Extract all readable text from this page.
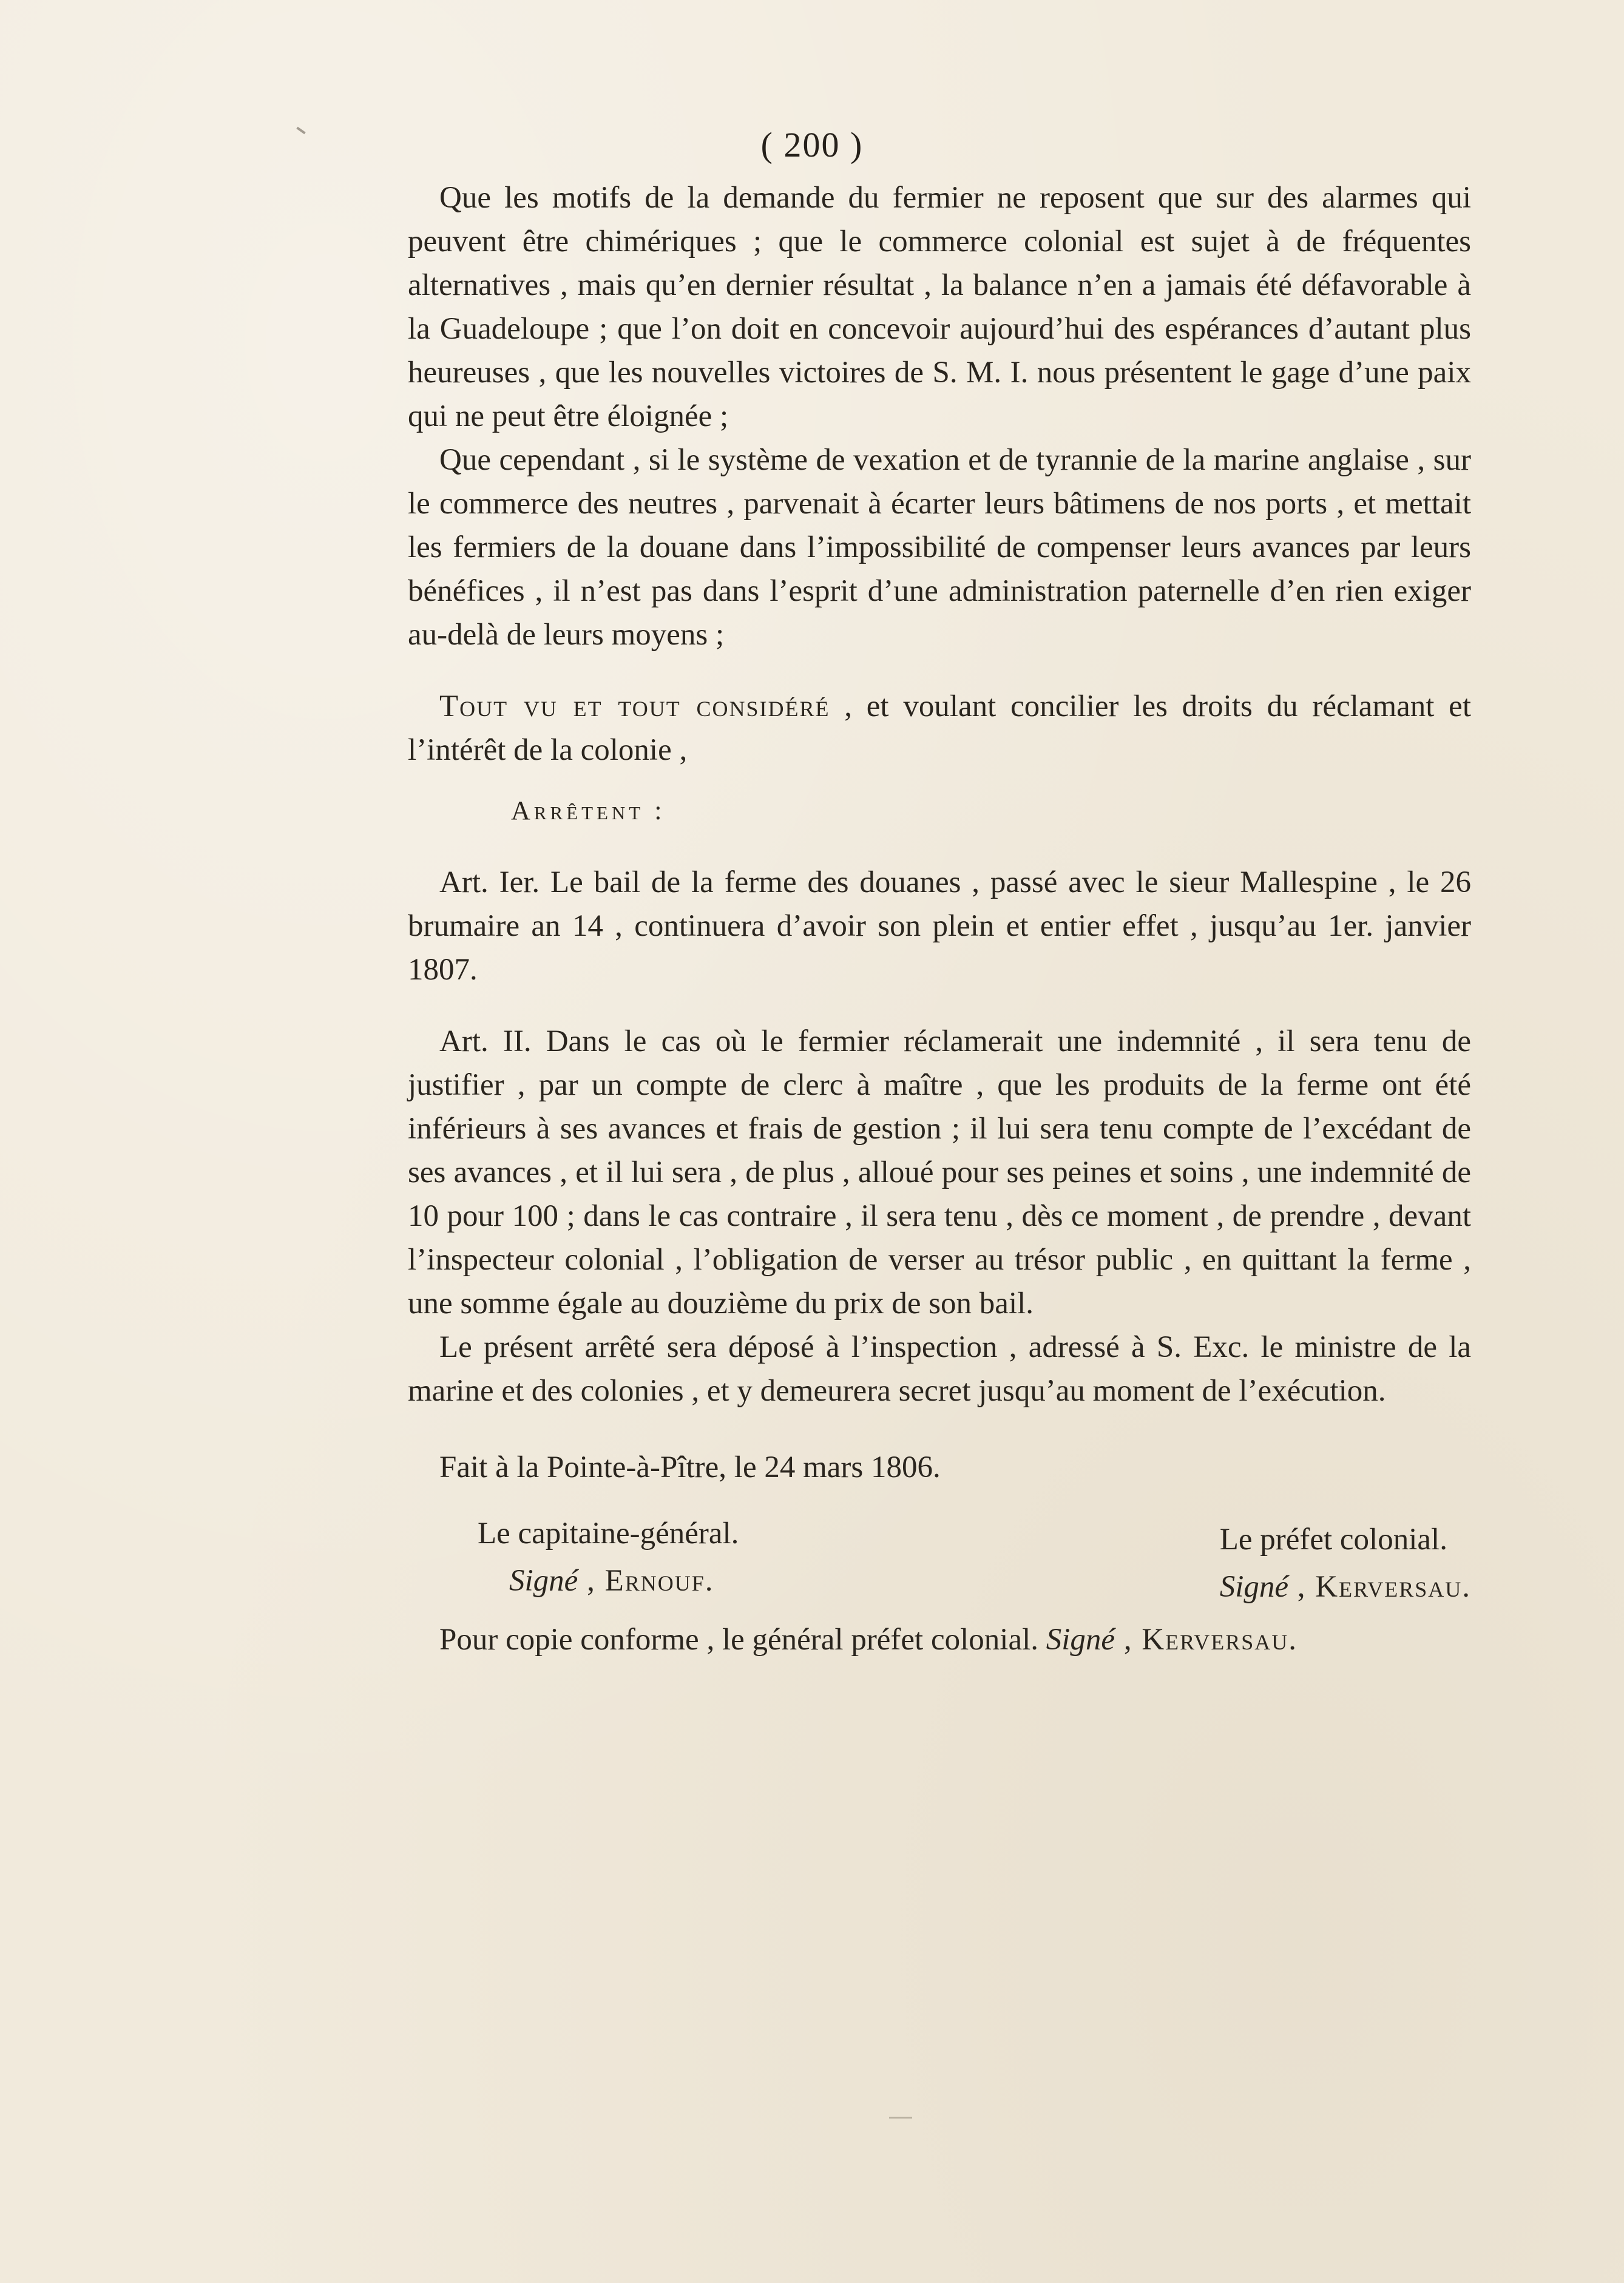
( 200 )

Que les motifs de la demande du fermier ne reposent que sur des alarmes qui peuvent être chimériques ; que le commerce colonial est sujet à de fréquentes alternatives , mais qu’en dernier résultat , la balance n’en a jamais été défavorable à la Guadeloupe ; que l’on doit en concevoir aujourd’hui des espérances d’autant plus heureuses , que les nouvelles victoires de S. M. I. nous présentent le gage d’une paix qui ne peut être éloignée ;

Que cependant , si le système de vexation et de tyrannie de la marine anglaise , sur le commerce des neutres , parvenait à écarter leurs bâtimens de nos ports , et mettait les fermiers de la douane dans l’impossibilité de compenser leurs avances par leurs bénéfices , il n’est pas dans l’esprit d’une administration paternelle d’en rien exiger au-delà de leurs moyens ;

Tout vu et tout considéré , et voulant concilier les droits du réclamant et l’intérêt de la colonie ,

Arrêtent :

Art. Ier. Le bail de la ferme des douanes , passé avec le sieur Mallespine , le 26 brumaire an 14 , continuera d’avoir son plein et entier effet , jusqu’au 1er. janvier 1807.

Art. II. Dans le cas où le fermier réclamerait une indemnité , il sera tenu de justifier , par un compte de clerc à maître , que les produits de la ferme ont été inférieurs à ses avances et frais de gestion ; il lui sera tenu compte de l’excédant de ses avances , et il lui sera , de plus , alloué pour ses peines et soins , une indemnité de 10 pour 100 ; dans le cas contraire , il sera tenu , dès ce moment , de prendre , devant l’inspecteur colonial , l’obligation de verser au trésor public , en quittant la ferme , une somme égale au douzième du prix de son bail.

Le présent arrêté sera déposé à l’inspection , adressé à S. Exc. le ministre de la marine et des colonies , et y demeurera secret jusqu’au moment de l’exécution.

Fait à la Pointe-à-Pître, le 24 mars 1806.

Le capitaine-général.
Signé , Ernouf.
Le préfet colonial.
Signé , Kerversau.

Pour copie conforme , le général préfet colonial. Signé , Kerversau.
